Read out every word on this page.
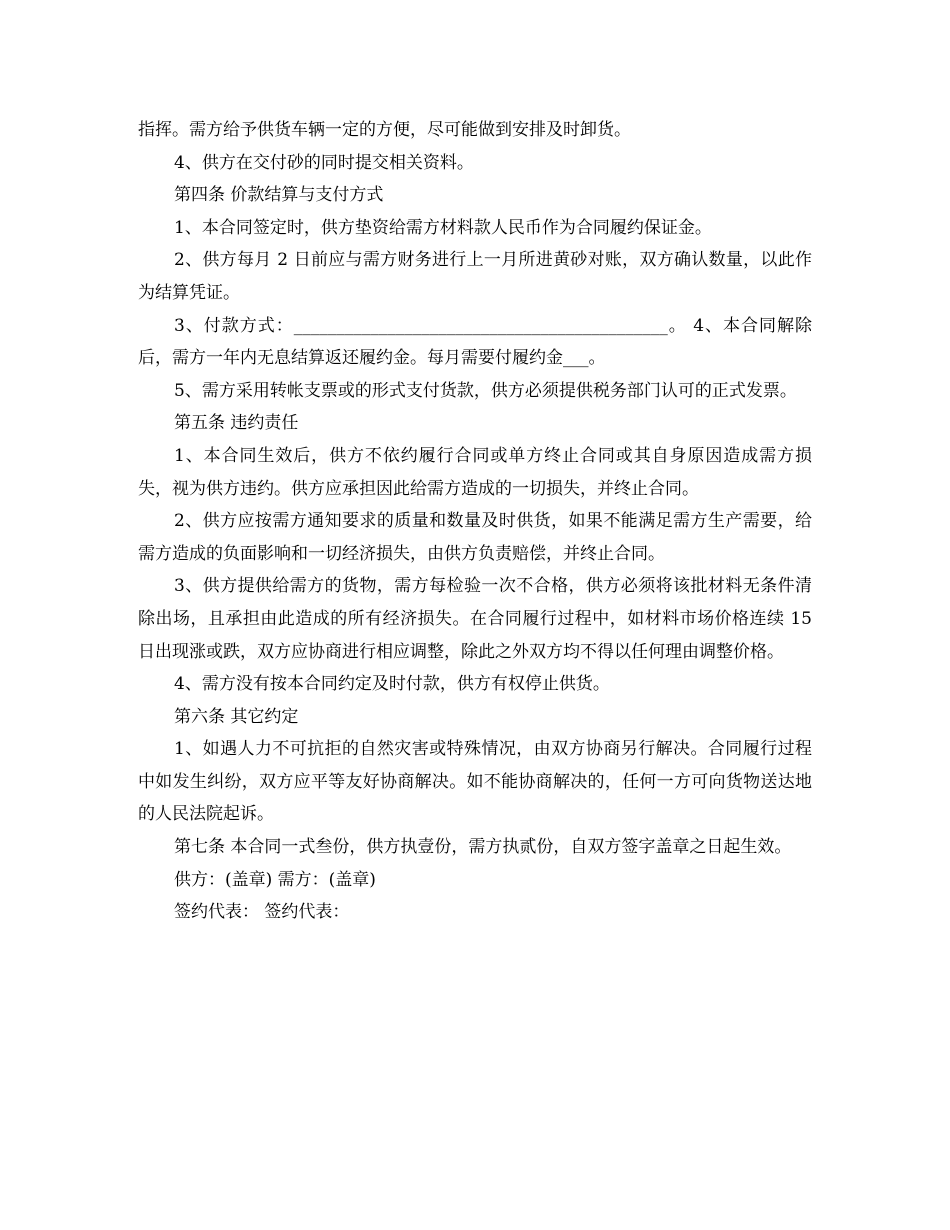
指挥。需方给予供货车辆一定的方便，尽可能做到安排及时卸货。

4、供方在交付砂的同时提交相关资料。

第四条 价款结算与支付方式

1、本合同签定时，供方垫资给需方材料款人民币作为合同履约保证金。

2、供方每月 2 日前应与需方财务进行上一月所进黄砂对账，双方确认数量，以此作为结算凭证。

3、付款方式：____________________________________________。 4、本合同解除后，需方一年内无息结算返还履约金。每月需要付履约金___。

5、需方采用转帐支票或的形式支付货款，供方必须提供税务部门认可的正式发票。

第五条 违约责任

1、本合同生效后，供方不依约履行合同或单方终止合同或其自身原因造成需方损失，视为供方违约。供方应承担因此给需方造成的一切损失，并终止合同。

2、供方应按需方通知要求的质量和数量及时供货，如果不能满足需方生产需要，给需方造成的负面影响和一切经济损失，由供方负责赔偿，并终止合同。

3、供方提供给需方的货物，需方每检验一次不合格，供方必须将该批材料无条件清除出场，且承担由此造成的所有经济损失。在合同履行过程中，如材料市场价格连续 15 日出现涨或跌，双方应协商进行相应调整，除此之外双方均不得以任何理由调整价格。

4、需方没有按本合同约定及时付款，供方有权停止供货。

第六条 其它约定

1、如遇人力不可抗拒的自然灾害或特殊情况，由双方协商另行解决。合同履行过程中如发生纠纷，双方应平等友好协商解决。如不能协商解决的，任何一方可向货物送达地的人民法院起诉。

第七条 本合同一式叁份，供方执壹份，需方执贰份，自双方签字盖章之日起生效。

供方：(盖章) 需方：(盖章)

签约代表： 签约代表：
